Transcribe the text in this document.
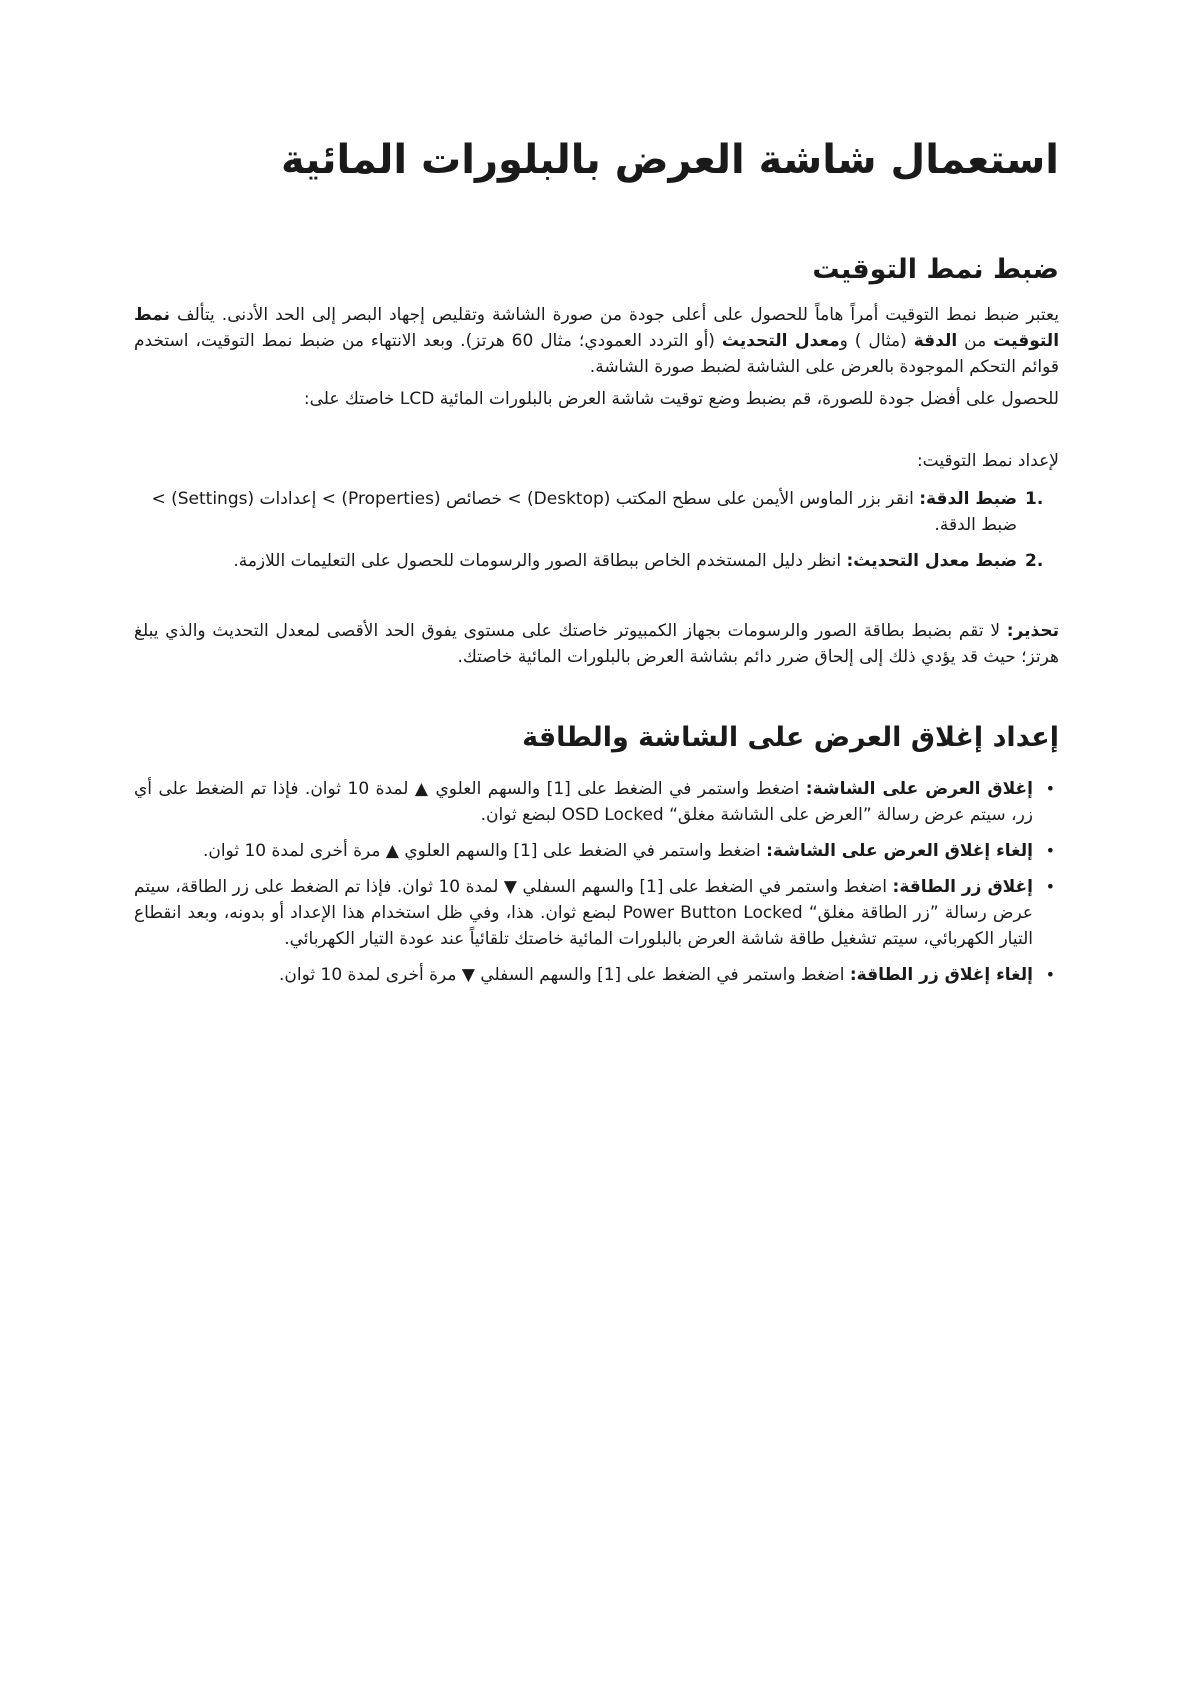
استعمال شاشة العرض بالبلورات المائية
ضبط نمط التوقيت

يعتبر ضبط نمط التوقيت أمراً هاماً للحصول على أعلى جودة من صورة الشاشة وتقليص إجهاد البصر إلى الحد الأدنى. يتألف نمط التوقيت من الدقة (مثال ) ومعدل التحديث (أو التردد العمودي؛ مثال 60 هرتز). وبعد الانتهاء من ضبط نمط التوقيت، استخدم قوائم التحكم الموجودة بالعرض على الشاشة لضبط صورة الشاشة.

للحصول على أفضل جودة للصورة، قم بضبط وضع توقيت شاشة العرض بالبلورات المائية LCD خاصتك على:

لإعداد نمط التوقيت:

1.
ضبط الدقة: انقر بزر الماوس الأيمن على سطح المكتب (Desktop) > خصائص (Properties) > إعدادات (Settings) > ضبط الدقة.
2.
ضبط معدل التحديث: انظر دليل المستخدم الخاص ببطاقة الصور والرسومات للحصول على التعليمات اللازمة.

تحذير: لا تقم بضبط بطاقة الصور والرسومات بجهاز الكمبيوتر خاصتك على مستوى يفوق الحد الأقصى لمعدل التحديث والذي يبلغ هرتز؛ حيث قد يؤدي ذلك إلى إلحاق ضرر دائم بشاشة العرض بالبلورات المائية خاصتك.

إعداد إغلاق العرض على الشاشة والطاقة
•
إغلاق العرض على الشاشة: اضغط واستمر في الضغط على [1] والسهم العلوي ▲ لمدة 10 ثوان. فإذا تم الضغط على أي زر، سيتم عرض رسالة ”العرض على الشاشة مغلق“ OSD Locked لبضع ثوان.
•
إلغاء إغلاق العرض على الشاشة: اضغط واستمر في الضغط على [1] والسهم العلوي ▲ مرة أخرى لمدة 10 ثوان.
•
إغلاق زر الطاقة: اضغط واستمر في الضغط على [1] والسهم السفلي ▼ لمدة 10 ثوان. فإذا تم الضغط على زر الطاقة، سيتم عرض رسالة ”زر الطاقة مغلق“ Power Button Locked لبضع ثوان. هذا، وفي ظل استخدام هذا الإعداد أو بدونه، وبعد انقطاع التيار الكهربائي، سيتم تشغيل طاقة شاشة العرض بالبلورات المائية خاصتك تلقائياً عند عودة التيار الكهربائي.
•
إلغاء إغلاق زر الطاقة: اضغط واستمر في الضغط على [1] والسهم السفلي ▼ مرة أخرى لمدة 10 ثوان.
